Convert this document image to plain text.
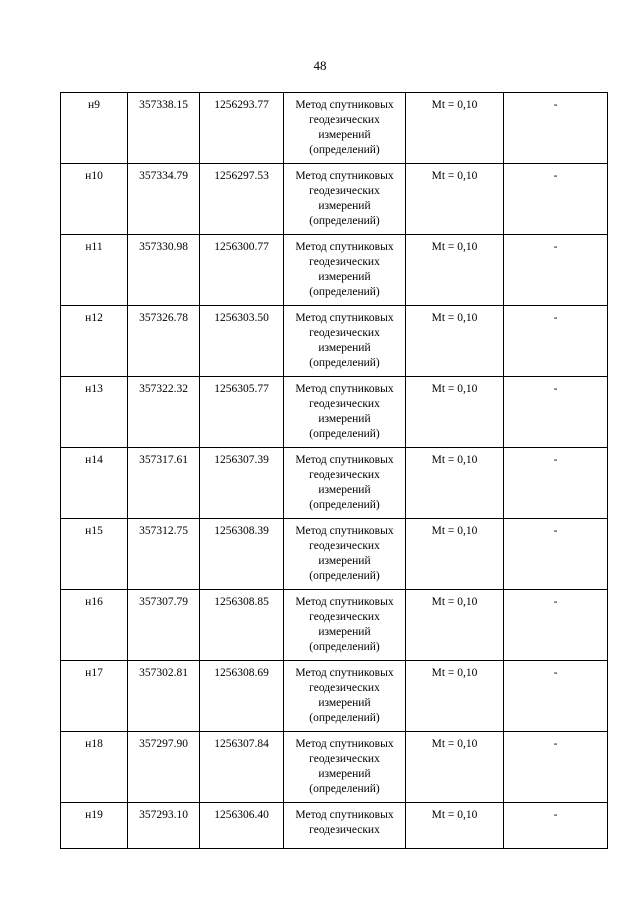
48
н9	357338.15	1256293.77	Метод спутниковых
геодезических
измерений
(определений)	Mt = 0,10	-
н10	357334.79	1256297.53	Метод спутниковых
геодезических
измерений
(определений)	Mt = 0,10	-
н11	357330.98	1256300.77	Метод спутниковых
геодезических
измерений
(определений)	Mt = 0,10	-
н12	357326.78	1256303.50	Метод спутниковых
геодезических
измерений
(определений)	Mt = 0,10	-
н13	357322.32	1256305.77	Метод спутниковых
геодезических
измерений
(определений)	Mt = 0,10	-
н14	357317.61	1256307.39	Метод спутниковых
геодезических
измерений
(определений)	Mt = 0,10	-
н15	357312.75	1256308.39	Метод спутниковых
геодезических
измерений
(определений)	Mt = 0,10	-
н16	357307.79	1256308.85	Метод спутниковых
геодезических
измерений
(определений)	Mt = 0,10	-
н17	357302.81	1256308.69	Метод спутниковых
геодезических
измерений
(определений)	Mt = 0,10	-
н18	357297.90	1256307.84	Метод спутниковых
геодезических
измерений
(определений)	Mt = 0,10	-
н19	357293.10	1256306.40	Метод спутниковых
геодезических	Mt = 0,10	-
